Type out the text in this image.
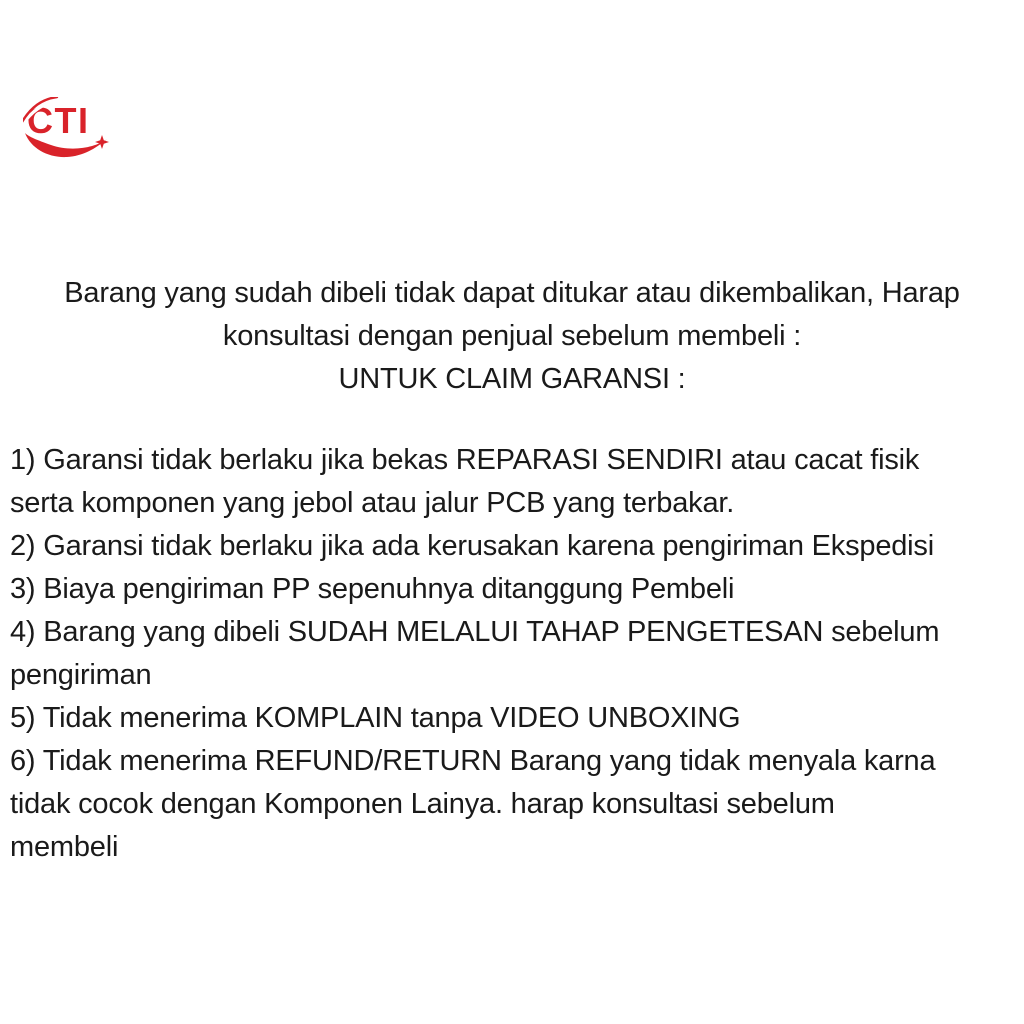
CTI
Barang yang sudah dibeli tidak dapat ditukar atau dikembalikan, Harap
konsultasi dengan penjual sebelum membeli :
UNTUK CLAIM GARANSI :
1) Garansi tidak berlaku jika bekas REPARASI SENDIRI atau cacat fisik
serta komponen yang jebol atau jalur PCB yang terbakar.
2) Garansi tidak berlaku jika ada kerusakan karena pengiriman Ekspedisi
3) Biaya pengiriman PP sepenuhnya ditanggung Pembeli
4) Barang yang dibeli SUDAH MELALUI TAHAP PENGETESAN sebelum
pengiriman
5) Tidak menerima KOMPLAIN tanpa VIDEO UNBOXING
6) Tidak menerima REFUND/RETURN Barang yang tidak menyala karna
tidak cocok dengan Komponen Lainya. harap konsultasi sebelum
membeli
